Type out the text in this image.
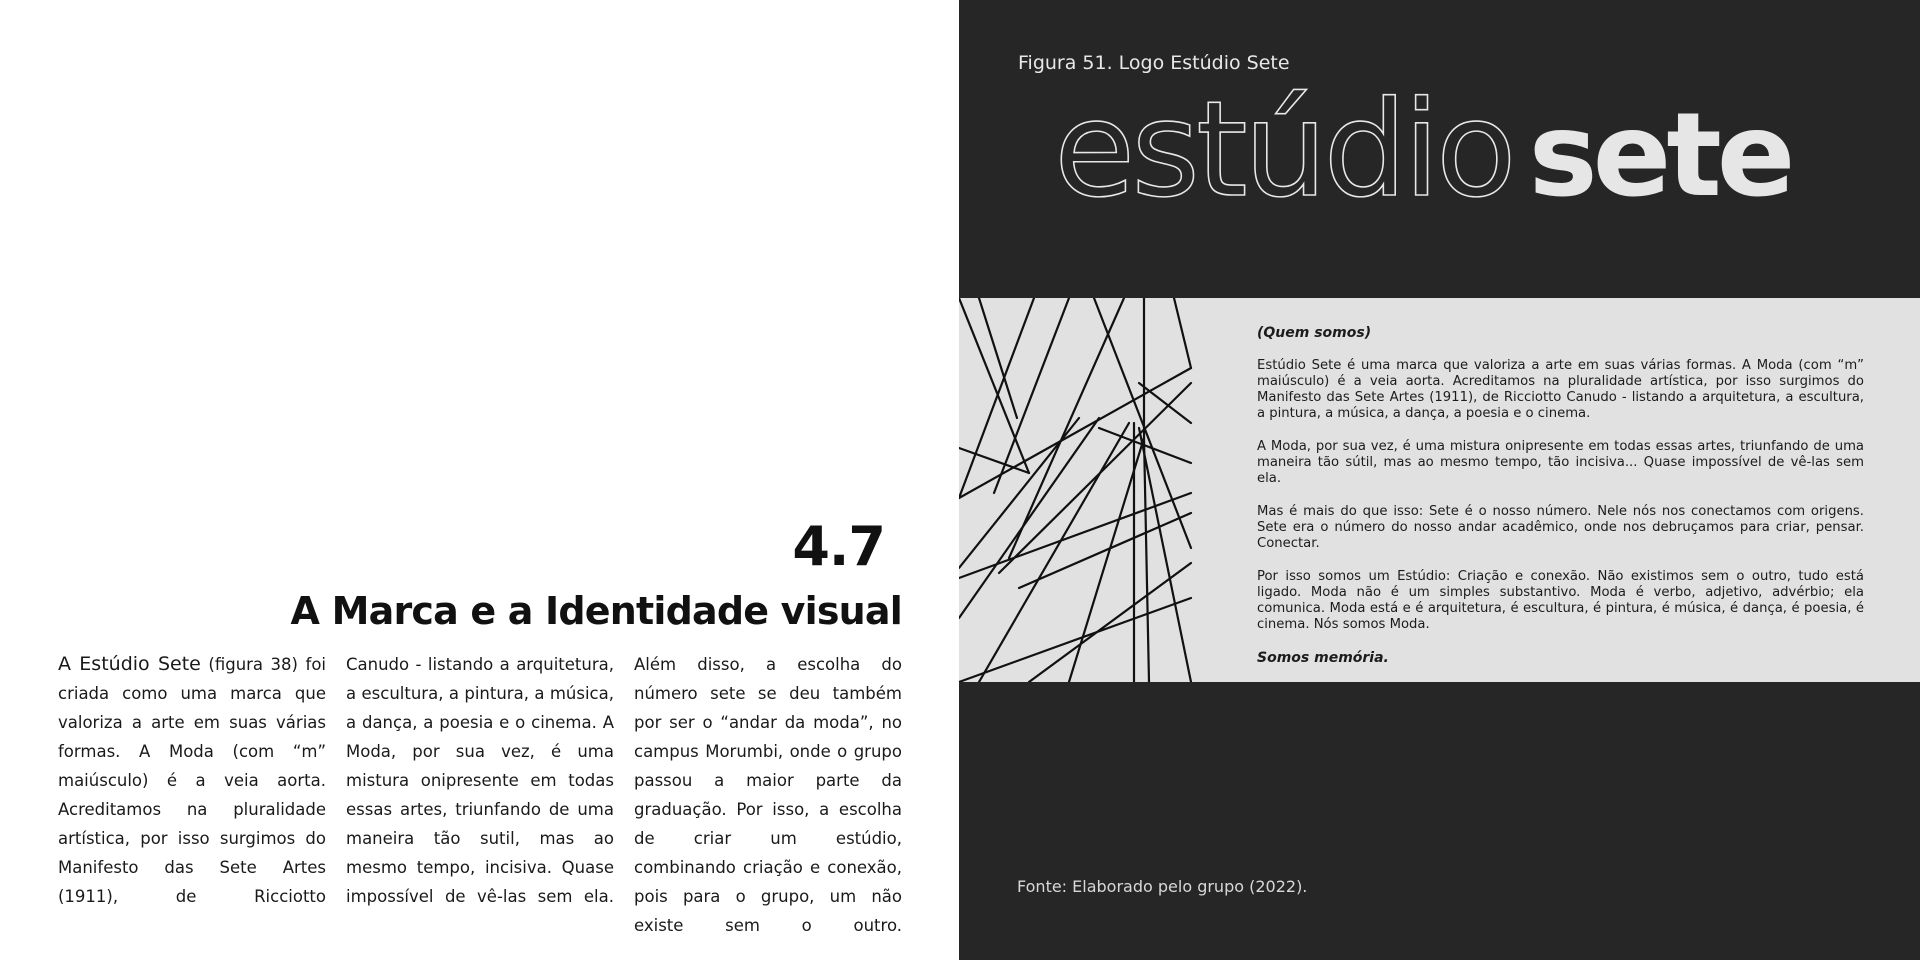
4.7
A Marca e a Identidade visual

A Estúdio Sete (figura 38) foi criada como uma marca que valoriza a arte em suas várias formas. A Moda (com “m” maiúsculo) é a veia aorta. Acreditamos na pluralidade artística, por isso surgimos do Manifesto das Sete Artes (1911), de Ricciotto

Canudo - listando a arquitetura, a escultura, a pintura, a música, a dança, a poesia e o cinema. A Moda, por sua vez, é uma mistura onipresente em todas essas artes, triunfando de uma maneira tão sutil, mas ao mesmo tempo, incisiva. Quase impossível de vê-las sem ela.

Além disso, a escolha do número sete se deu também por ser o “andar da moda”, no campus Morumbi, onde o grupo passou a maior parte da graduação. Por isso, a escolha de criar um estúdio, combinando criação e conexão, pois para o grupo, um não existe sem o outro.

Figura 51. Logo Estúdio Sete
estúdio sete

(Quem somos)

Estúdio Sete é uma marca que valoriza a arte em suas várias formas. A Moda (com “m” maiúsculo) é a veia aorta. Acreditamos na pluralidade artística, por isso surgimos do Manifesto das Sete Artes (1911), de Ricciotto Canudo - listando a arquitetura, a escultura, a pintura, a música, a dança, a poesia e o cinema.

A Moda, por sua vez, é uma mistura onipresente em todas essas artes, triunfando de uma maneira tão sútil, mas ao mesmo tempo, tão incisiva... Quase impossível de vê-las sem ela.

Mas é mais do que isso: Sete é o nosso número. Nele nós nos conectamos com origens. Sete era o número do nosso andar acadêmico, onde nos debruçamos para criar, pensar. Conectar.

Por isso somos um Estúdio: Criação e conexão. Não existimos sem o outro, tudo está ligado. Moda não é um simples substantivo. Moda é verbo, adjetivo, advérbio; ela comunica. Moda está e é arquitetura, é escultura, é pintura, é música, é dança, é poesia, é cinema. Nós somos Moda.

Somos memória.

Fonte: Elaborado pelo grupo (2022).
